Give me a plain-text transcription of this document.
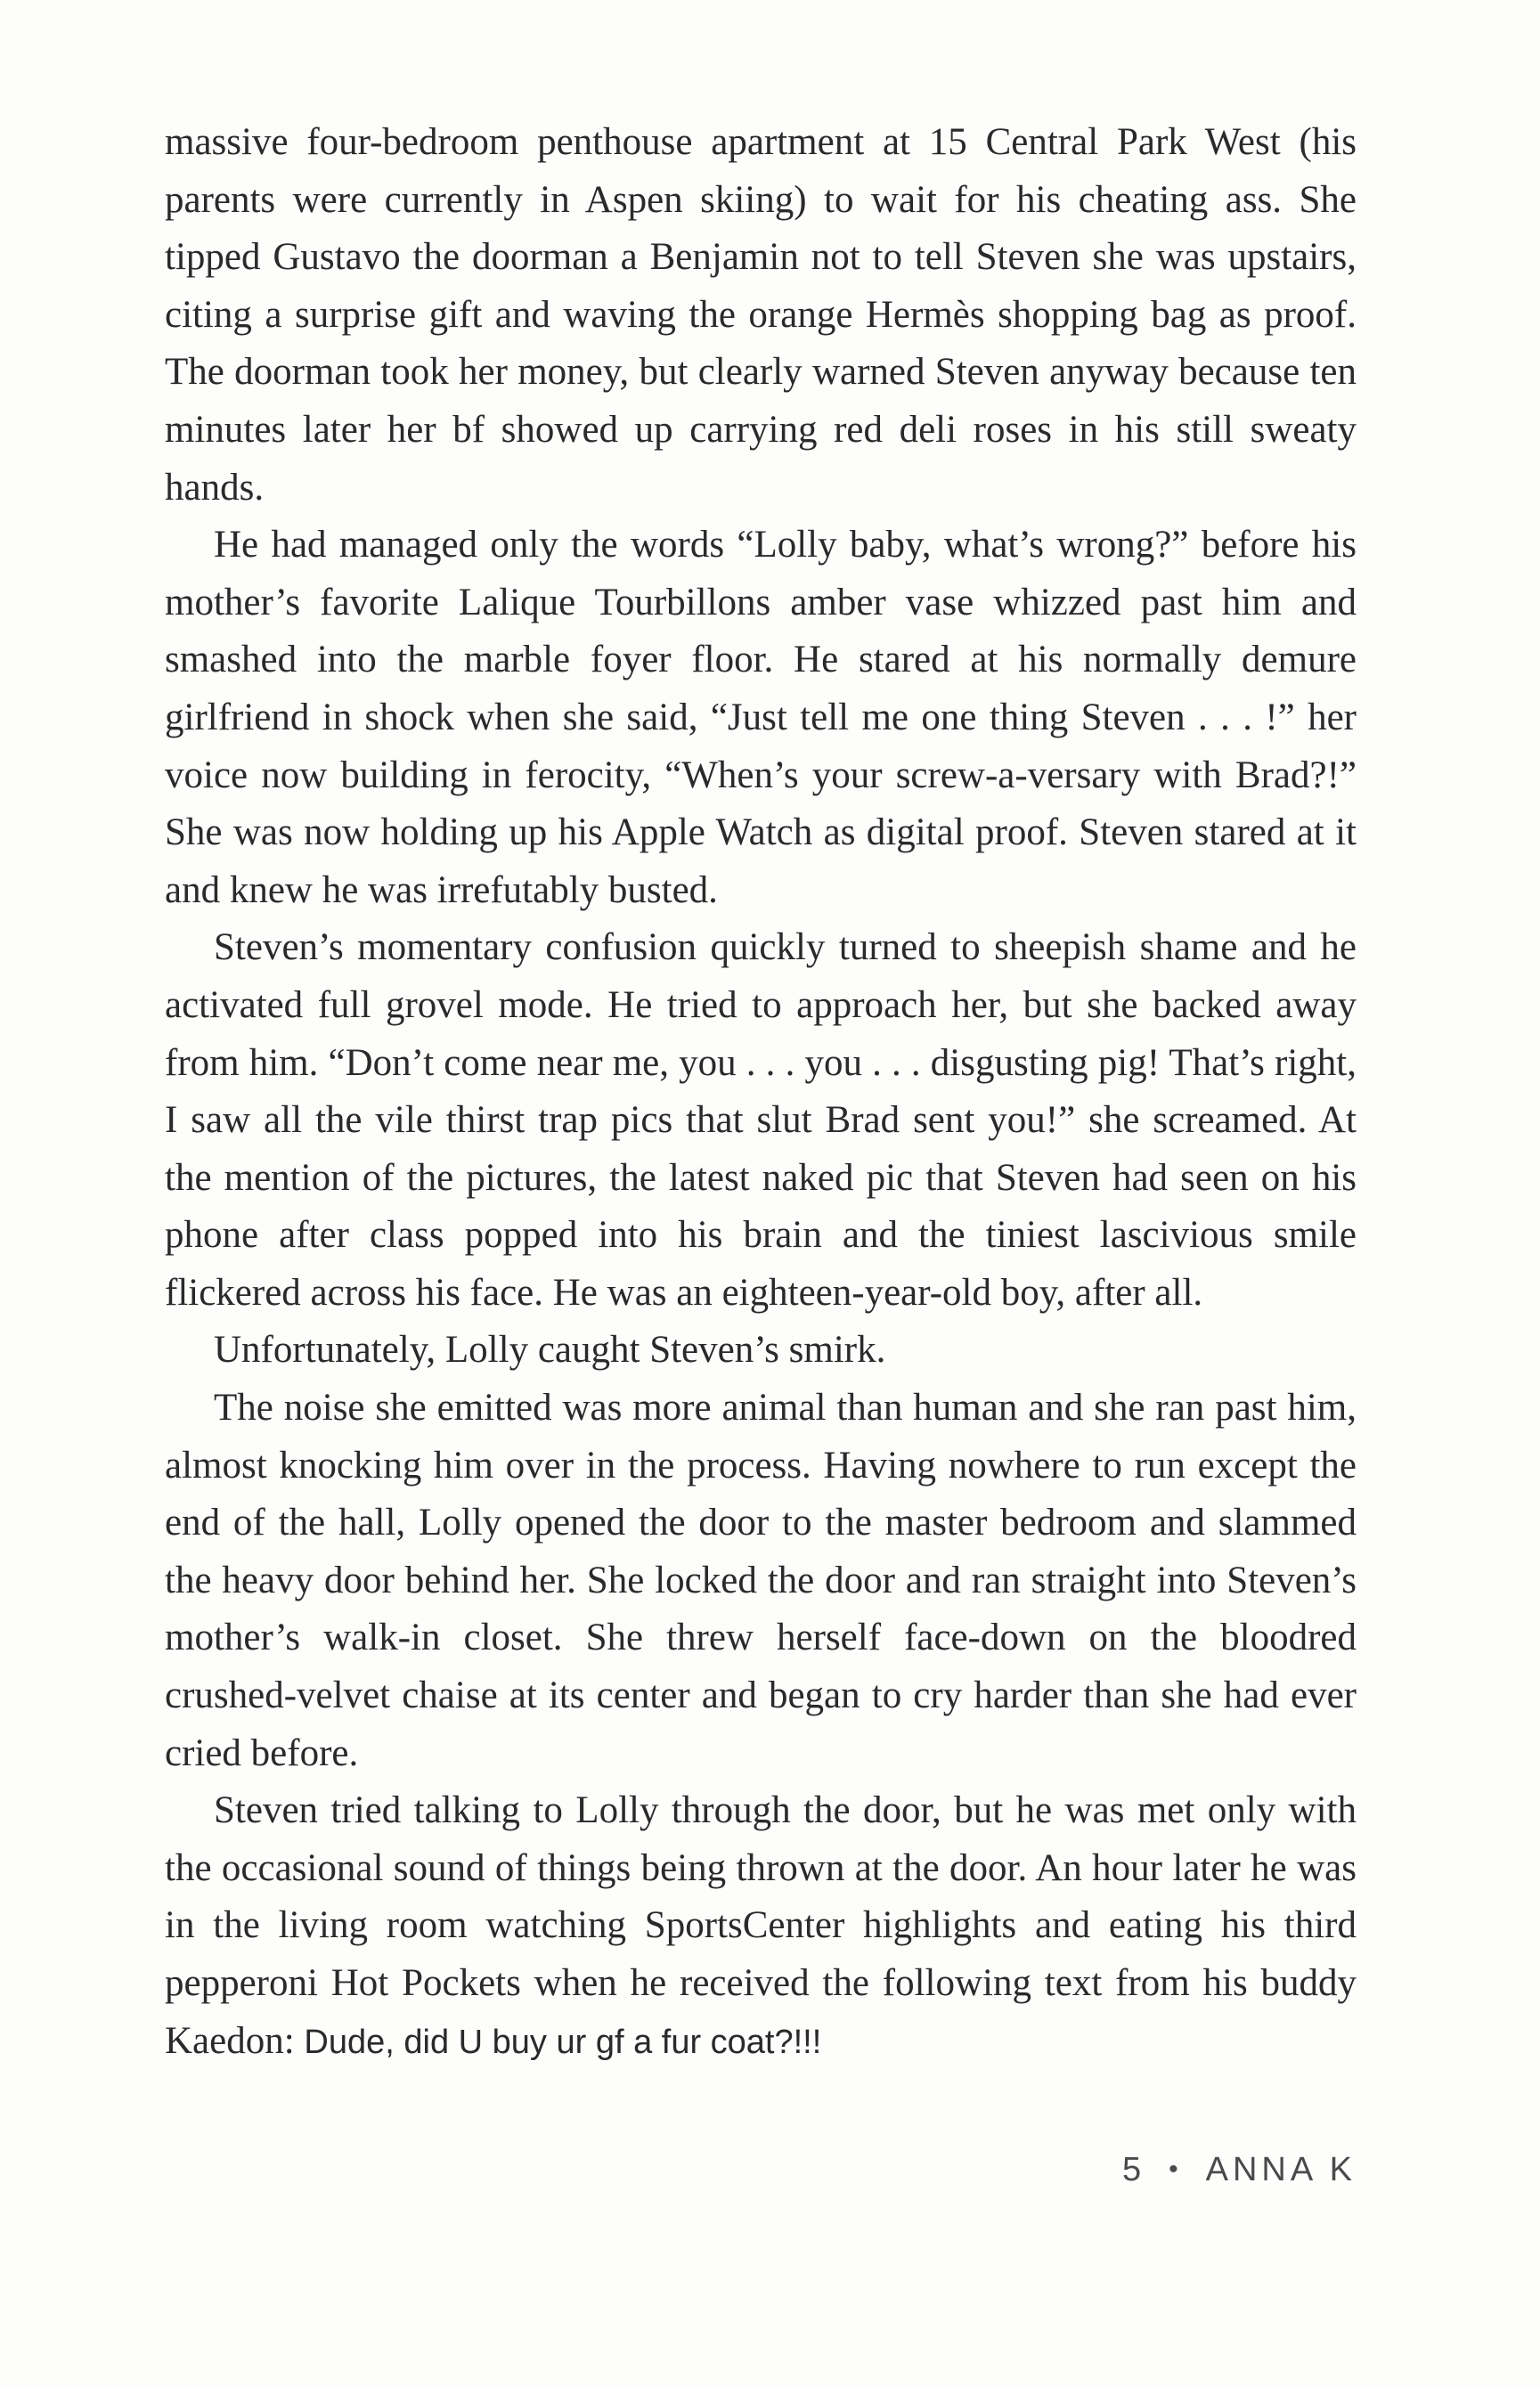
massive four-bedroom penthouse apartment at 15 Central Park West (his parents were currently in Aspen skiing) to wait for his cheating ass. She tipped Gustavo the doorman a Benjamin not to tell Steven she was upstairs, citing a surprise gift and waving the orange Hermès shopping bag as proof. The doorman took her money, but clearly warned Steven anyway because ten minutes later her bf showed up carrying red deli roses in his still sweaty hands.

He had managed only the words “Lolly baby, what’s wrong?” before his mother’s favorite Lalique Tourbillons amber vase whizzed past him and smashed into the marble foyer floor. He stared at his normally demure girlfriend in shock when she said, “Just tell me one thing Steven . . . !” her voice now building in ferocity, “When’s your screw-a-versary with Brad?!” She was now holding up his Apple Watch as digital proof. Steven stared at it and knew he was irrefutably busted.

Steven’s momentary confusion quickly turned to sheepish shame and he activated full grovel mode. He tried to approach her, but she backed away from him. “Don’t come near me, you . . . you . . . disgusting pig! That’s right, I saw all the vile thirst trap pics that slut Brad sent you!” she screamed. At the mention of the pictures, the latest naked pic that Steven had seen on his phone after class popped into his brain and the tiniest lascivious smile flickered across his face. He was an eighteen-year-old boy, after all.

Unfortunately, Lolly caught Steven’s smirk.

The noise she emitted was more animal than human and she ran past him, almost knocking him over in the process. Having nowhere to run except the end of the hall, Lolly opened the door to the master bedroom and slammed the heavy door behind her. She locked the door and ran straight into Steven’s mother’s walk-in closet. She threw herself face-down on the bloodred crushed-velvet chaise at its center and began to cry harder than she had ever cried before.

Steven tried talking to Lolly through the door, but he was met only with the occasional sound of things being thrown at the door. An hour later he was in the living room watching SportsCenter highlights and eating his third pepperoni Hot Pockets when he received the following text from his buddy Kaedon: Dude, did U buy ur gf a fur coat?!!!

5 • ANNA K
